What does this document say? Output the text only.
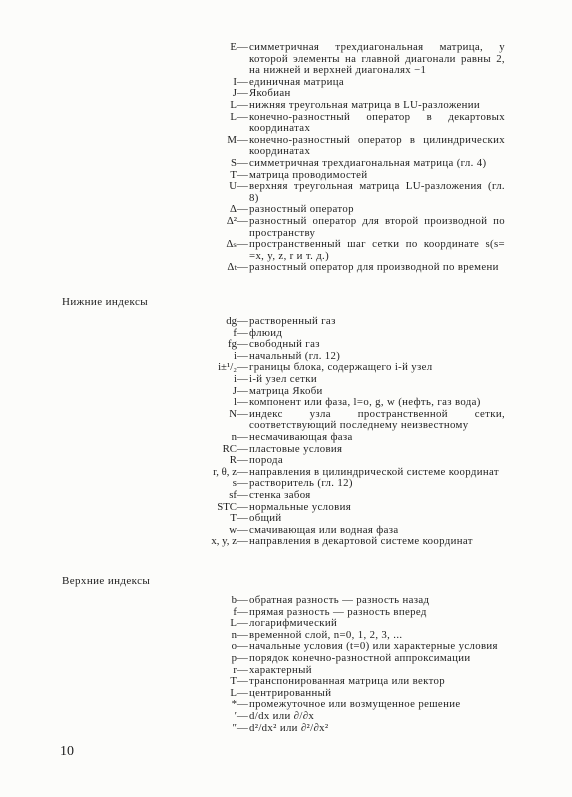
E — симметричная трехдиагональная матрица, у которой элементы на главной диагонали равны 2, на нижней и верхней диагоналях −1
I — единичная матрица
J — Якобиан
L — нижняя треугольная матрица в LU-разложении
L — конечно-разностный оператор в декартовых координатах
M — конечно-разностный оператор в цилиндрических координатах
S — симметричная трехдиагональная матрица (гл. 4)
T — матрица проводимостей
U — верхняя треугольная матрица LU-разложения (гл. 8)
Δ — разностный оператор
Δ² — разностный оператор для второй производной по пространству
Δₛ — пространственный шаг сетки по координате s(s= =x, y, z, r и т. д.)
Δₜ — разностный оператор для производной по времени
Нижние индексы
dg — растворенный газ
f — флюид
fg — свободный газ
i — начальный (гл. 12)
i±¹/₂ — границы блока, содержащего i-й узел
i — i-й узел сетки
J — матрица Якоби
l — компонент или фаза, l=o, g, w (нефть, газ вода)
N — индекс узла пространственной сетки, соответствующий последнему неизвестному
n — несмачивающая фаза
RC — пластовые условия
R — порода
r, θ, z — направления в цилиндрической системе координат
s — растворитель (гл. 12)
sf — стенка забоя
STC — нормальные условия
T — общий
w — смачивающая или водная фаза
x, y, z — направления в декартовой системе координат
Верхние индексы
b — обратная разность — разность назад
f — прямая разность — разность вперед
L — логарифмический
n — временной слой, n=0, 1, 2, 3, ...
o — начальные условия (t=0) или характерные условия
p — порядок конечно-разностной аппроксимации
r — характерный
T — транспонированная матрица или вектор
L — центрированный
* — промежуточное или возмущенное решение
′ — d/dx или ∂/∂x
″ — d²/dx² или ∂²/∂x²
10
